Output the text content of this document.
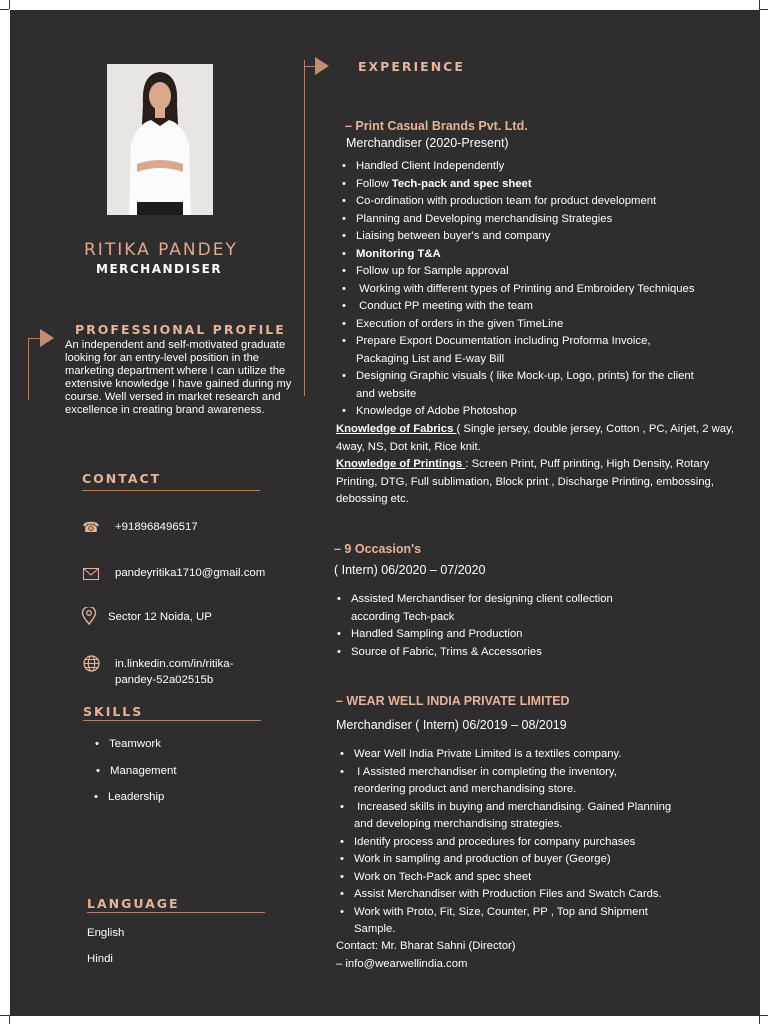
RITIKA PANDEY
MERCHANDISER
PROFESSIONAL PROFILE
An independent and self-motivated graduate looking for an entry-level position in the marketing department where I can utilize the extensive knowledge I have gained during my course. Well versed in market research and excellence in creating brand awareness.
CONTACT
☎ +918968496517
pandeyritika1710@gmail.com
Sector 12 Noida, UP
in.linkedin.com/in/ritika-
pandey-52a02515b
SKILLS
• Teamwork
• Management
• Leadership
LANGUAGE
English
Hindi
EXPERIENCE
– Print Casual Brands Pvt. Ltd.
Merchandiser (2020-Present)
• Handled Client Independently
• Follow Tech-pack and spec sheet
• Co-ordination with production team for product development
• Planning and Developing merchandising Strategies
• Liaising between buyer's and company
• Monitoring T&A
• Follow up for Sample approval
•  Working with different types of Printing and Embroidery Techniques
•  Conduct PP meeting with the team
• Execution of orders in the given TimeLine
• Prepare Export Documentation including Proforma Invoice,
Packaging List and E-way Bill
• Designing Graphic visuals ( like Mock-up, Logo, prints) for the client
and website
• Knowledge of Adobe Photoshop
Knowledge of Fabrics ( Single jersey, double jersey, Cotton , PC, Airjet, 2 way, 4way, NS, Dot knit, Rice knit.
Knowledge of Printings : Screen Print, Puff printing, High Density, Rotary Printing, DTG, Full sublimation, Block print , Discharge Printing, embossing, debossing etc.
– 9 Occasion's
( Intern) 06/2020 – 07/2020
• Assisted Merchandiser for designing client collection
according Tech-pack
• Handled Sampling and Production
• Source of Fabric, Trims & Accessories
– WEAR WELL INDIA PRIVATE LIMITED
Merchandiser ( Intern) 06/2019 – 08/2019
• Wear Well India Private Limited is a textiles company.
•  I Assisted merchandiser in completing the inventory,
reordering product and merchandising store.
•  Increased skills in buying and merchandising. Gained Planning
and developing merchandising strategies.
• Identify process and procedures for company purchases
• Work in sampling and production of buyer (George)
• Work on Tech-Pack and spec sheet
• Assist Merchandiser with Production Files and Swatch Cards.
• Work with Proto, Fit, Size, Counter, PP , Top and Shipment
Sample.
Contact: Mr. Bharat Sahni (Director)
– info@wearwellindia.com
